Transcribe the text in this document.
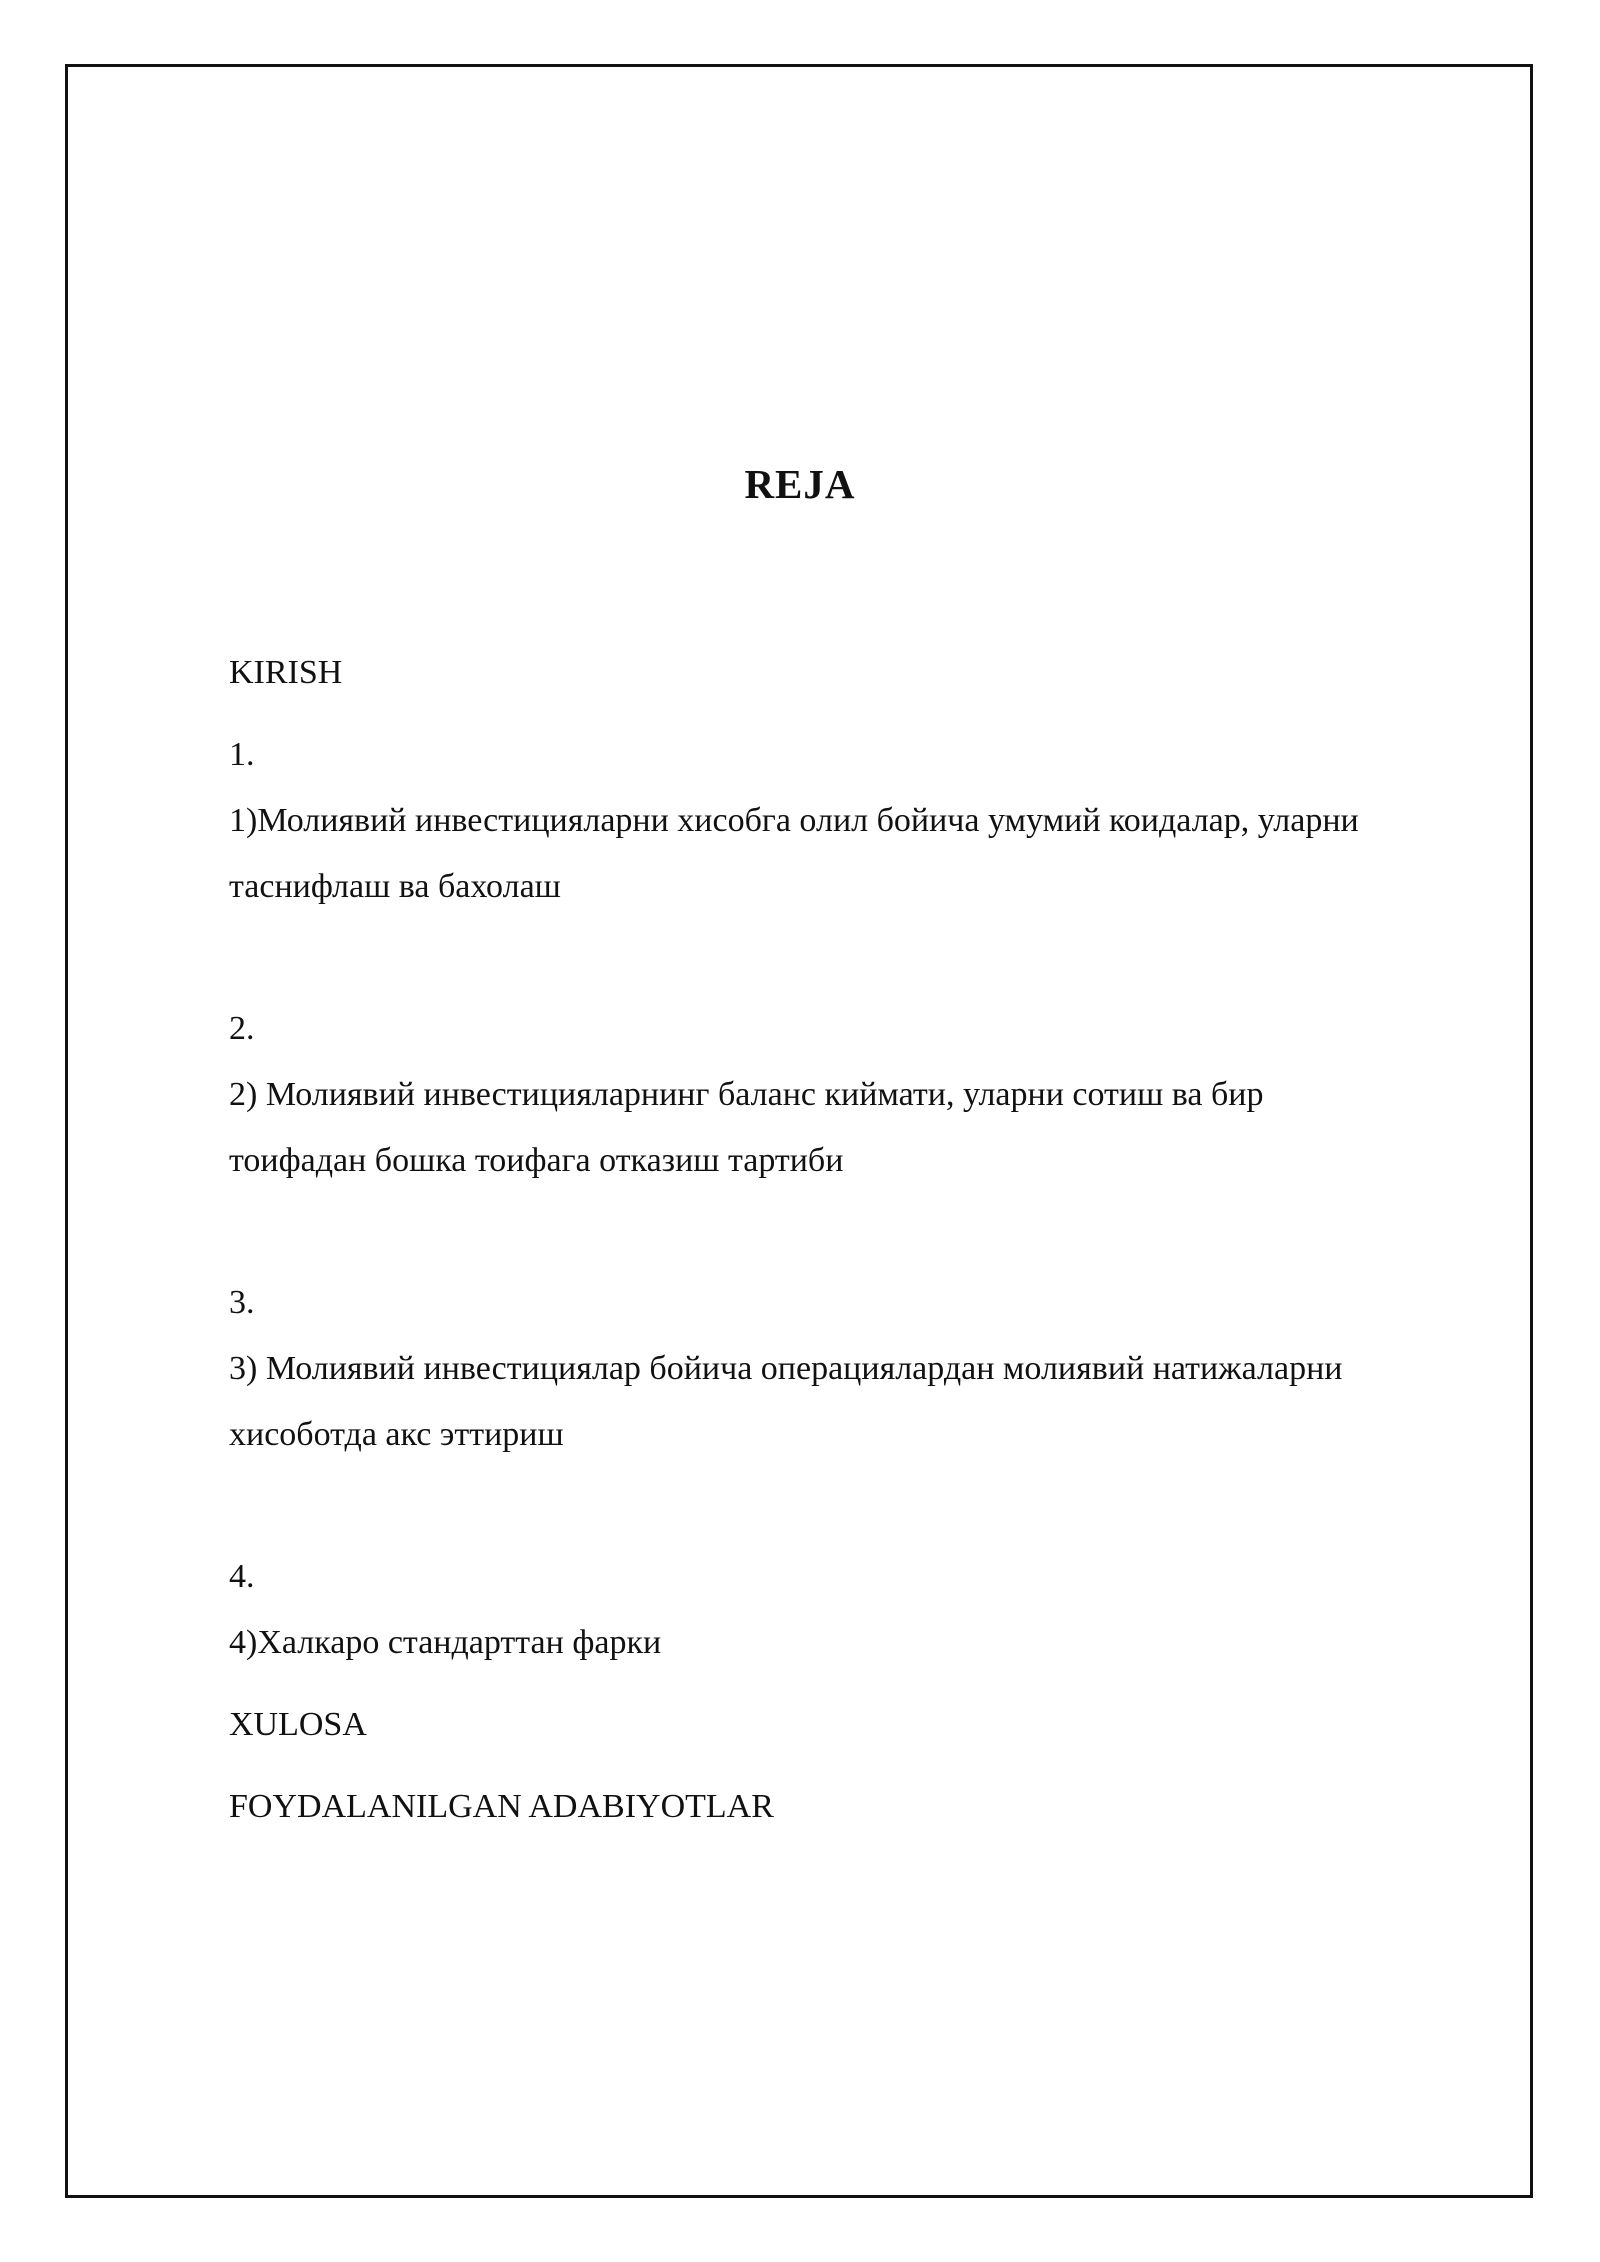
REJA

KIRISH

1.

1)Молиявий инвестицияларни хисобга олил бойича умумий коидалар, уларни
таснифлаш ва бахолаш

2.

2) Молиявий инвестицияларнинг баланс киймати, уларни сотиш ва бир
тоифадан бошка тоифага отказиш тартиби

3.

3) Молиявий инвестициялар бойича операциялардан молиявий натижаларни
хисоботда акс эттириш

4.

4)Халкаро стандарттан фарки

XULOSA

FOYDALANILGAN ADABIYOTLAR
